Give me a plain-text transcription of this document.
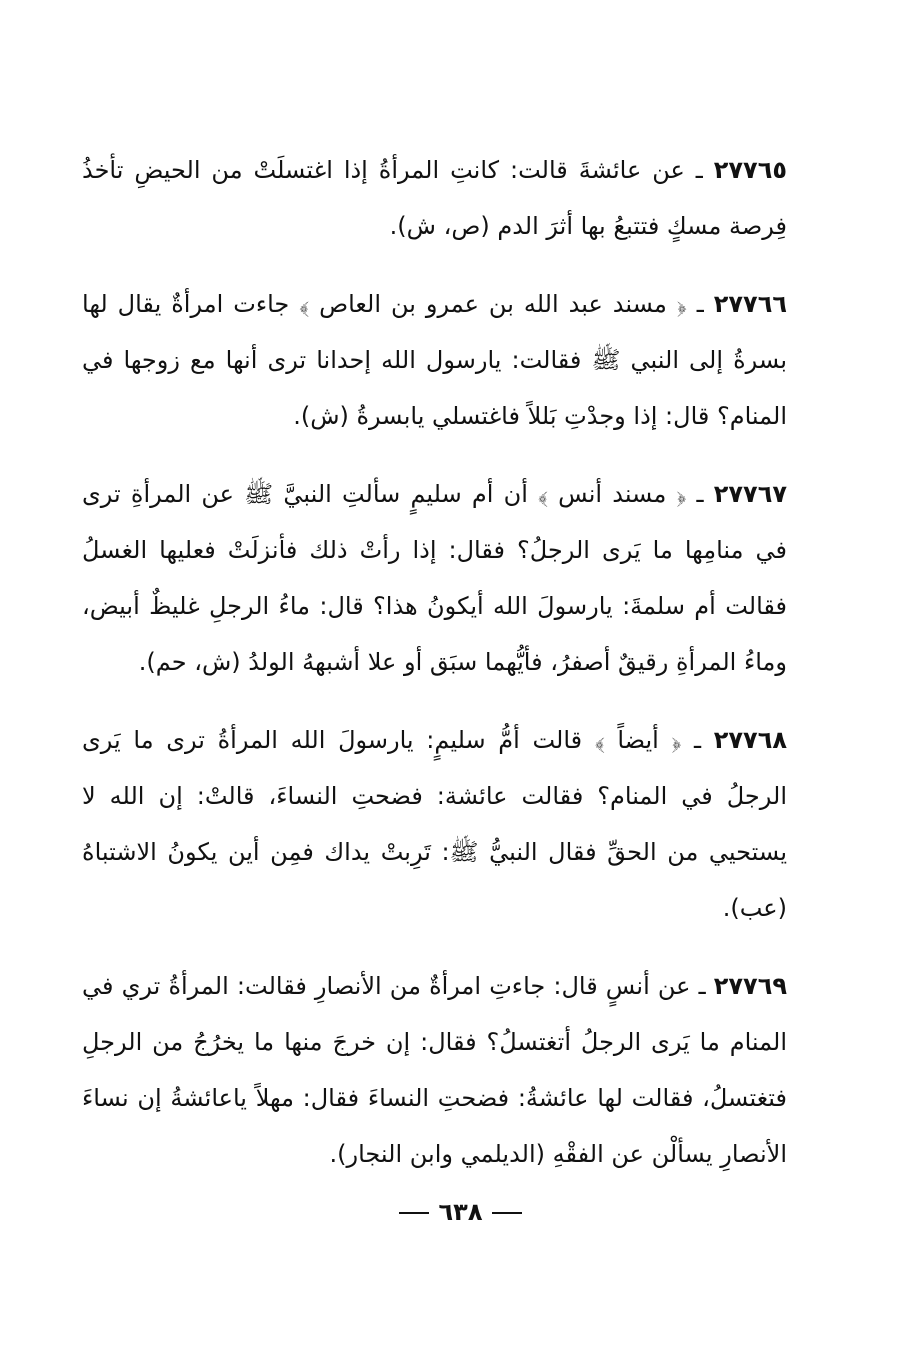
٢٧٧٦٥ ـ عن عائشةَ قالت: كانتِ المرأةُ إذا اغتسلَتْ من الحيضِ تأخذُ فِرصة مسكٍ فتتبعُ بها أثرَ الدم (ص، ش).

٢٧٧٦٦ ـ ﴿ مسند عبد الله بن عمرو بن العاص ﴾ جاءت امرأةٌ يقال لها بسرةُ إلى النبي ﷺ فقالت: يارسول الله إحدانا ترى أنها مع زوجها في المنام؟ قال: إذا وجدْتِ بَللاً فاغتسلي يابسرةُ (ش).

٢٧٧٦٧ ـ ﴿ مسند أنس ﴾ أن أم سليمٍ سألتِ النبيَّ ﷺ عن المرأةِ ترى في منامِها ما يَرى الرجلُ؟ فقال: إذا رأتْ ذلك فأنزلَتْ فعليها الغسلُ فقالت أم سلمةَ: يارسولَ الله أيكونُ هذا؟ قال: ماءُ الرجلِ غليظٌ أبيض، وماءُ المرأةِ رقيقٌ أصفرُ، فأيُّهما سبَق أو علا أشبههُ الولدُ (ش، حم).

٢٧٧٦٨ ـ ﴿ أيضاً ﴾ قالت أمُّ سليمٍ: يارسولَ الله المرأةُ ترى ما يَرى الرجلُ في المنام؟ فقالت عائشة: فضحتِ النساءَ، قالتْ: إن الله لا يستحيي من الحقِّ فقال النبيُّ ﷺ: تَرِبتْ يداك فمِن أين يكونُ الاشتباهُ (عب).

٢٧٧٦٩ ـ عن أنسٍ قال: جاءتِ امرأةٌ من الأنصارِ فقالت: المرأةُ تري في المنام ما يَرى الرجلُ أتغتسلُ؟ فقال: إن خرجَ منها ما يخرُجُ من الرجلِ فتغتسلُ، فقالت لها عائشةُ: فضحتِ النساءَ فقال: مهلاً ياعائشةُ إن نساءَ الأنصارِ يسألْن عن الفقْهِ (الديلمي وابن النجار).

٦٣٨
